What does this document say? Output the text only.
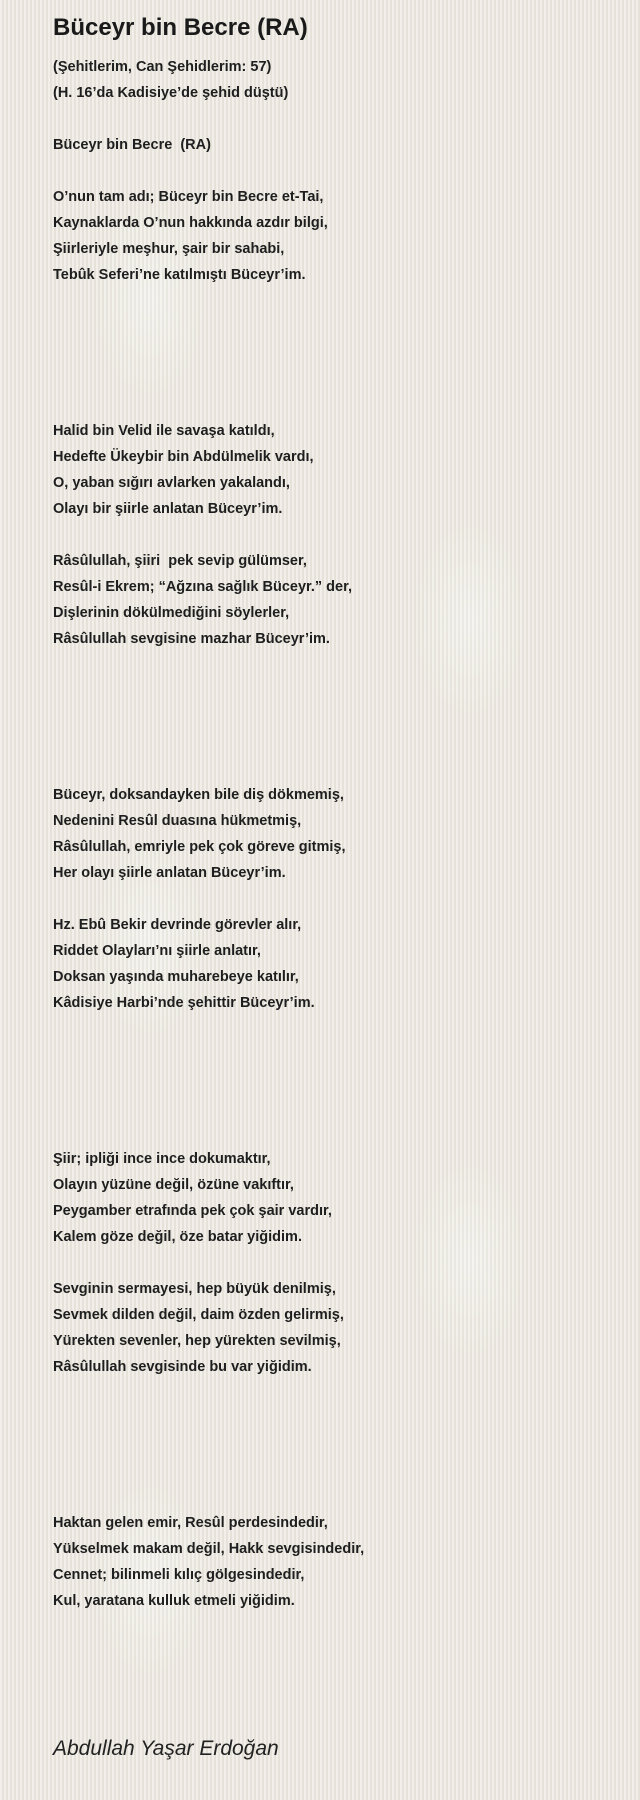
Büceyr bin Becre (RA)
(Şehitlerim, Can Şehidlerim: 57)
(H. 16’da Kadisiye’de şehid düştü)
Büceyr bin Becre  (RA)
O’nun tam adı; Büceyr bin Becre et-Tai,
Kaynaklarda O’nun hakkında azdır bilgi,
Şiirleriyle meşhur, şair bir sahabi,
Tebûk Seferi’ne katılmıştı Büceyr’im.
Halid bin Velid ile savaşa katıldı,
Hedefte Ükeybir bin Abdülmelik vardı,
O, yaban sığırı avlarken yakalandı,
Olayı bir şiirle anlatan Büceyr’im.
Râsûlullah, şiiri  pek sevip gülümser,
Resûl-i Ekrem; “Ağzına sağlık Büceyr.” der,
Dişlerinin dökülmediğini söylerler,
Râsûlullah sevgisine mazhar Büceyr’im.
Büceyr, doksandayken bile diş dökmemiş,
Nedenini Resûl duasına hükmetmiş,
Râsûlullah, emriyle pek çok göreve gitmiş,
Her olayı şiirle anlatan Büceyr’im.
Hz. Ebû Bekir devrinde görevler alır,
Riddet Olayları’nı şiirle anlatır,
Doksan yaşında muharebeye katılır,
Kâdisiye Harbi’nde şehittir Büceyr’im.
Şiir; ipliği ince ince dokumaktır,
Olayın yüzüne değil, özüne vakıftır,
Peygamber etrafında pek çok şair vardır,
Kalem göze değil, öze batar yiğidim.
Sevginin sermayesi, hep büyük denilmiş,
Sevmek dilden değil, daim özden gelirmiş,
Yürekten sevenler, hep yürekten sevilmiş,
Râsûlullah sevgisinde bu var yiğidim.
Haktan gelen emir, Resûl perdesindedir,
Yükselmek makam değil, Hakk sevgisindedir,
Cennet; bilinmeli kılıç gölgesindedir,
Kul, yaratana kulluk etmeli yiğidim.
Abdullah Yaşar Erdoğan
